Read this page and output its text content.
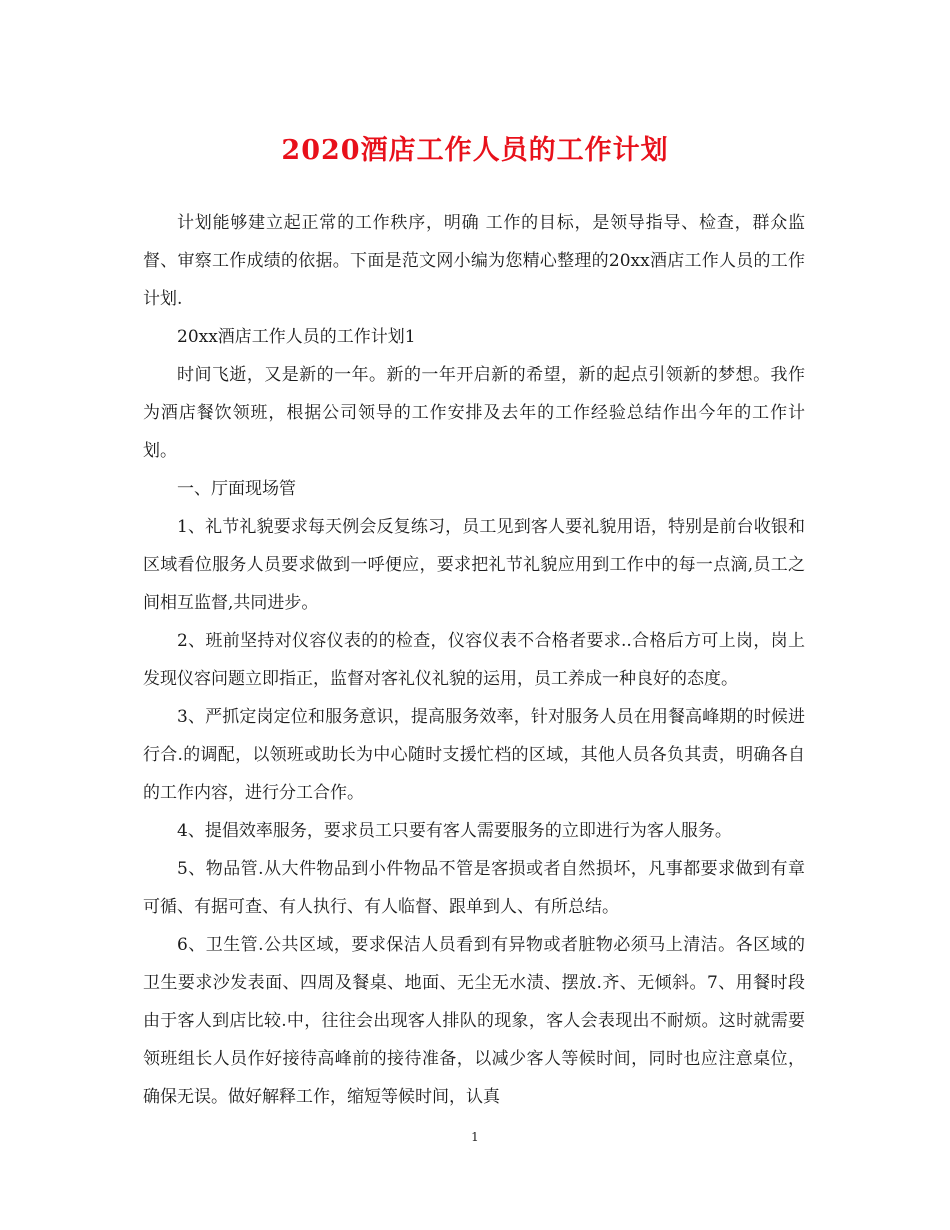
2020酒店工作人员的工作计划

计划能够建立起正常的工作秩序，明确 工作的目标，是领导指导、检查，群众监督、审察工作成绩的依据。下面是范文网小编为您精心整理的20xx酒店工作人员的工作计划.

20xx酒店工作人员的工作计划1

时间飞逝，又是新的一年。新的一年开启新的希望，新的起点引领新的梦想。我作为酒店餐饮领班，根据公司领导的工作安排及去年的工作经验总结作出今年的工作计划。

一、厅面现场管

1、礼节礼貌要求每天例会反复练习，员工见到客人要礼貌用语，特别是前台收银和区域看位服务人员要求做到一呼便应，要求把礼节礼貌应用到工作中的每一点滴,员工之间相互监督,共同进步。

2、班前坚持对仪容仪表的的检查，仪容仪表不合格者要求..合格后方可上岗，岗上发现仪容问题立即指正，监督对客礼仪礼貌的运用，员工养成一种良好的态度。

3、严抓定岗定位和服务意识，提高服务效率，针对服务人员在用餐高峰期的时候进行合.的调配，以领班或助长为中心随时支援忙档的区域，其他人员各负其责，明确各自的工作内容，进行分工合作。

4、提倡效率服务，要求员工只要有客人需要服务的立即进行为客人服务。

5、物品管.从大件物品到小件物品不管是客损或者自然损坏，凡事都要求做到有章可循、有据可查、有人执行、有人临督、跟单到人、有所总结。

6、卫生管.公共区域，要求保洁人员看到有异物或者脏物必须马上清洁。各区域的卫生要求沙发表面、四周及餐桌、地面、无尘无水渍、摆放.齐、无倾斜。7、用餐时段由于客人到店比较.中，往往会出现客人排队的现象，客人会表现出不耐烦。这时就需要领班组长人员作好接待高峰前的接待准备，以减少客人等候时间，同时也应注意桌位，确保无误。做好解释工作，缩短等候时间，认真

1
